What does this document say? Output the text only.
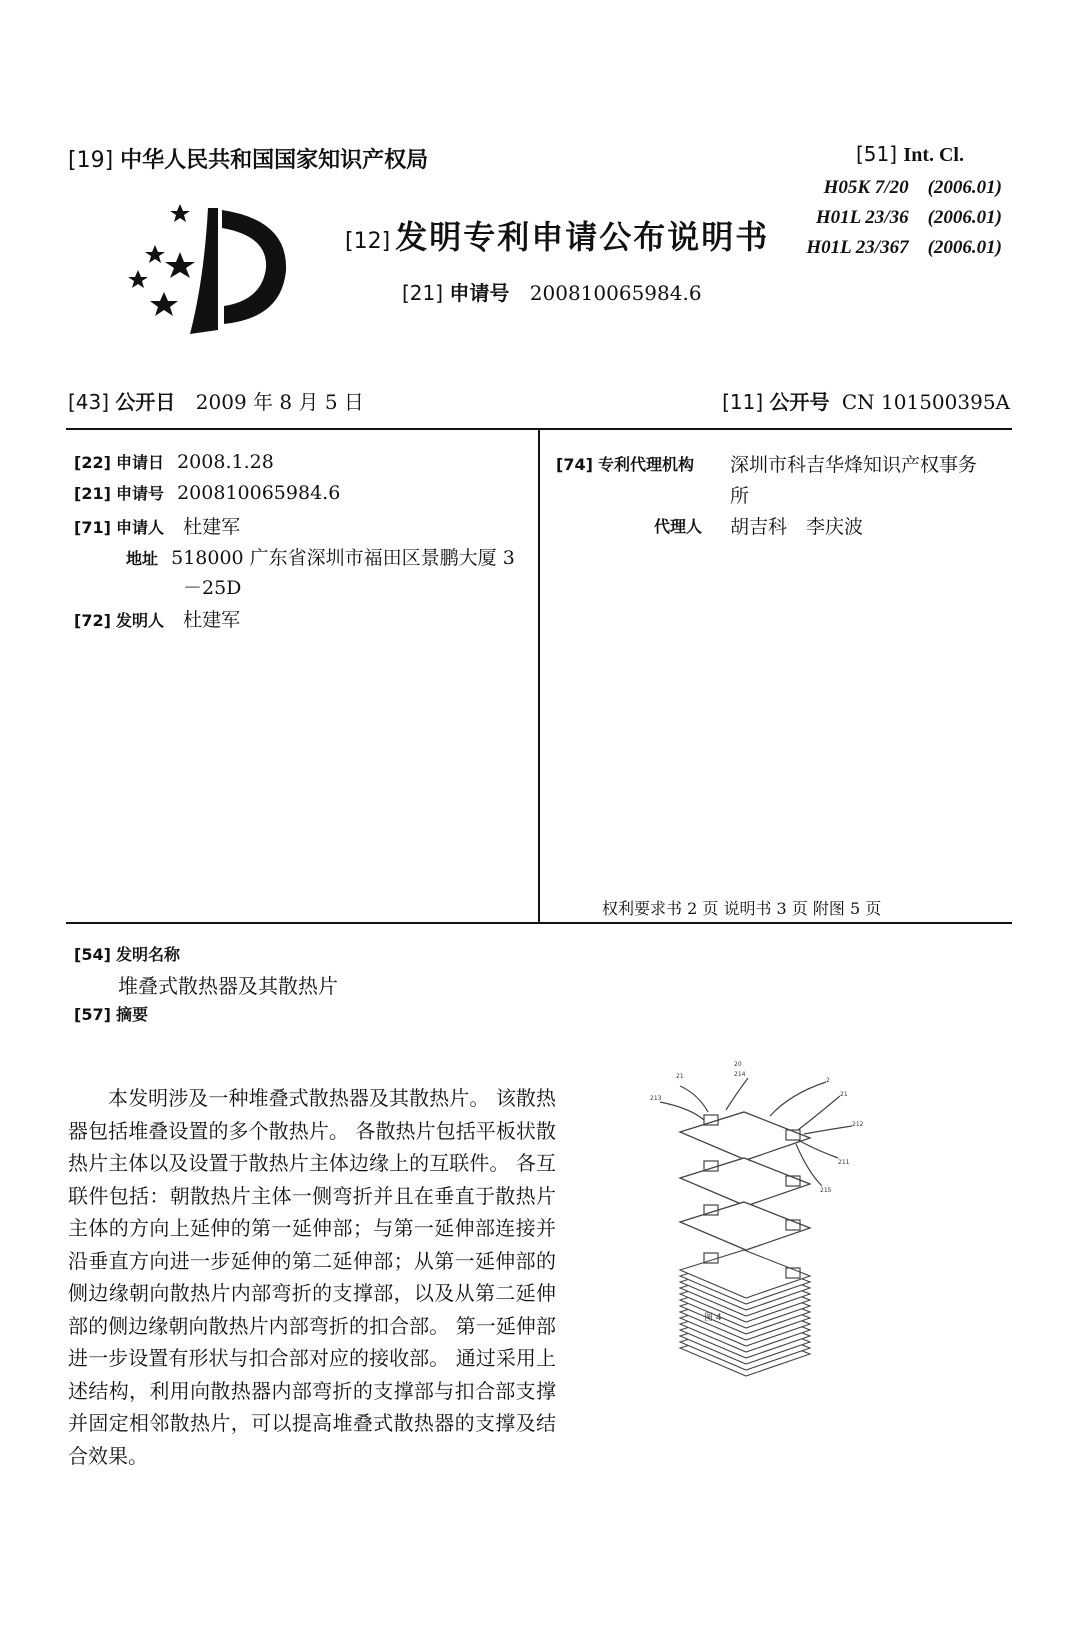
[19] 中华人民共和国国家知识产权局
[12] 发明专利申请公布说明书
[21] 申请号 200810065984.6
[51] Int. Cl.
H05K 7/20　(2006.01)
H01L 23/36　(2006.01)
H01L 23/367　(2006.01)
[43] 公开日 2009 年 8 月 5 日	[11] 公开号 CN 101500395A
[22] 申请日 2008.1.28
[21] 申请号 200810065984.6
[71] 申请人 杜建军
地址 518000 广东省深圳市福田区景鹏大厦 3
－25D
[72] 发明人 杜建军
[74] 专利代理机构 深圳市科吉华烽知识产权事务
所
代理人 胡吉科　李庆波
权利要求书 2 页 说明书 3 页 附图 5 页
[54] 发明名称
堆叠式散热器及其散热片
[57] 摘要
本发明涉及一种堆叠式散热器及其散热片。 该散热器包括堆叠设置的多个散热片。 各散热片包括平板状散热片主体以及设置于散热片主体边缘上的互联件。 各互联件包括：朝散热片主体一侧弯折并且在垂直于散热片主体的方向上延伸的第一延伸部；与第一延伸部连接并沿垂直方向进一步延伸的第二延伸部；从第一延伸部的侧边缘朝向散热片内部弯折的支撑部，以及从第二延伸部的侧边缘朝向散热片内部弯折的扣合部。 第一延伸部进一步设置有形状与扣合部对应的接收部。 通过采用上述结构，利用向散热器内部弯折的支撑部与扣合部支撑并固定相邻散热片，可以提高堆叠式散热器的支撑及结合效果。
21
20
214
2
21
213
212
211
215
图 4
